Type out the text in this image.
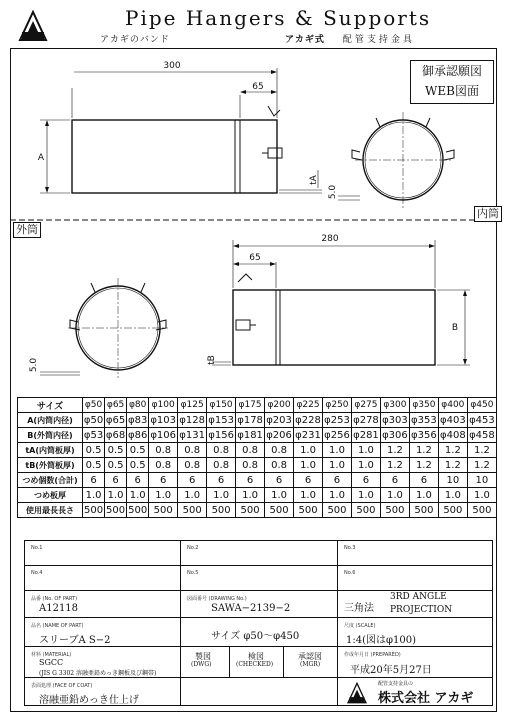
Pipe Hangers & Supports
アカギのバンド	アカギ式 配管支持金具
御承認願図
WEB図面
300
65
A
tA
5.0
280
65
B
tB
5.0
内筒
外筒
サイズ	φ50	φ65	φ80	φ100	φ125	φ150	φ175	φ200	φ225	φ250	φ275	φ300	φ350	φ400	φ450
A(内筒内径)	φ50	φ65	φ83	φ103	φ128	φ153	φ178	φ203	φ228	φ253	φ278	φ303	φ353	φ403	φ453
B(外筒内径)	φ53	φ68	φ86	φ106	φ131	φ156	φ181	φ206	φ231	φ256	φ281	φ306	φ356	φ408	φ458
tA(内筒板厚)	0.5	0.5	0.5	0.8	0.8	0.8	0.8	0.8	1.0	1.0	1.0	1.2	1.2	1.2	1.2
tB(外筒板厚)	0.5	0.5	0.5	0.8	0.8	0.8	0.8	0.8	1.0	1.0	1.0	1.2	1.2	1.2	1.2
つめ個数(合計)	6	6	6	6	6	6	6	6	6	6	6	6	6	10	10
つめ板厚	1.0	1.0	1.0	1.0	1.0	1.0	1.0	1.0	1.0	1.0	1.0	1.0	1.0	1.0	1.0
使用最長長さ	500	500	500	500	500	500	500	500	500	500	500	500	500	500	500
No.1	No.2	No.3
No.4	No.5	No.6
品番 (No. OF PART)
A12118
図面番号 (DRAWING No.)
SAWA−2139−2	三角法
3RD ANGLE
PROJECTION
品名 (NAME OF PART)
スリーブA S−2	サイズ φ50〜φ450
尺度 (SCALE)
1:4(図はφ100)
材料 (MATERIAL)
SGCC
(JIS G 3302 溶融亜鉛めっき鋼板及び鋼帯)
製図
(DWG)
検図
(CHECKED)
承認図
(MGR)
作成年月日 (PREPARED)
平成20年5月27日
表面処理 (FACE OF COAT)
溶融亜鉛めっき仕上げ
配管支持金具の
株式会社 アカギ
